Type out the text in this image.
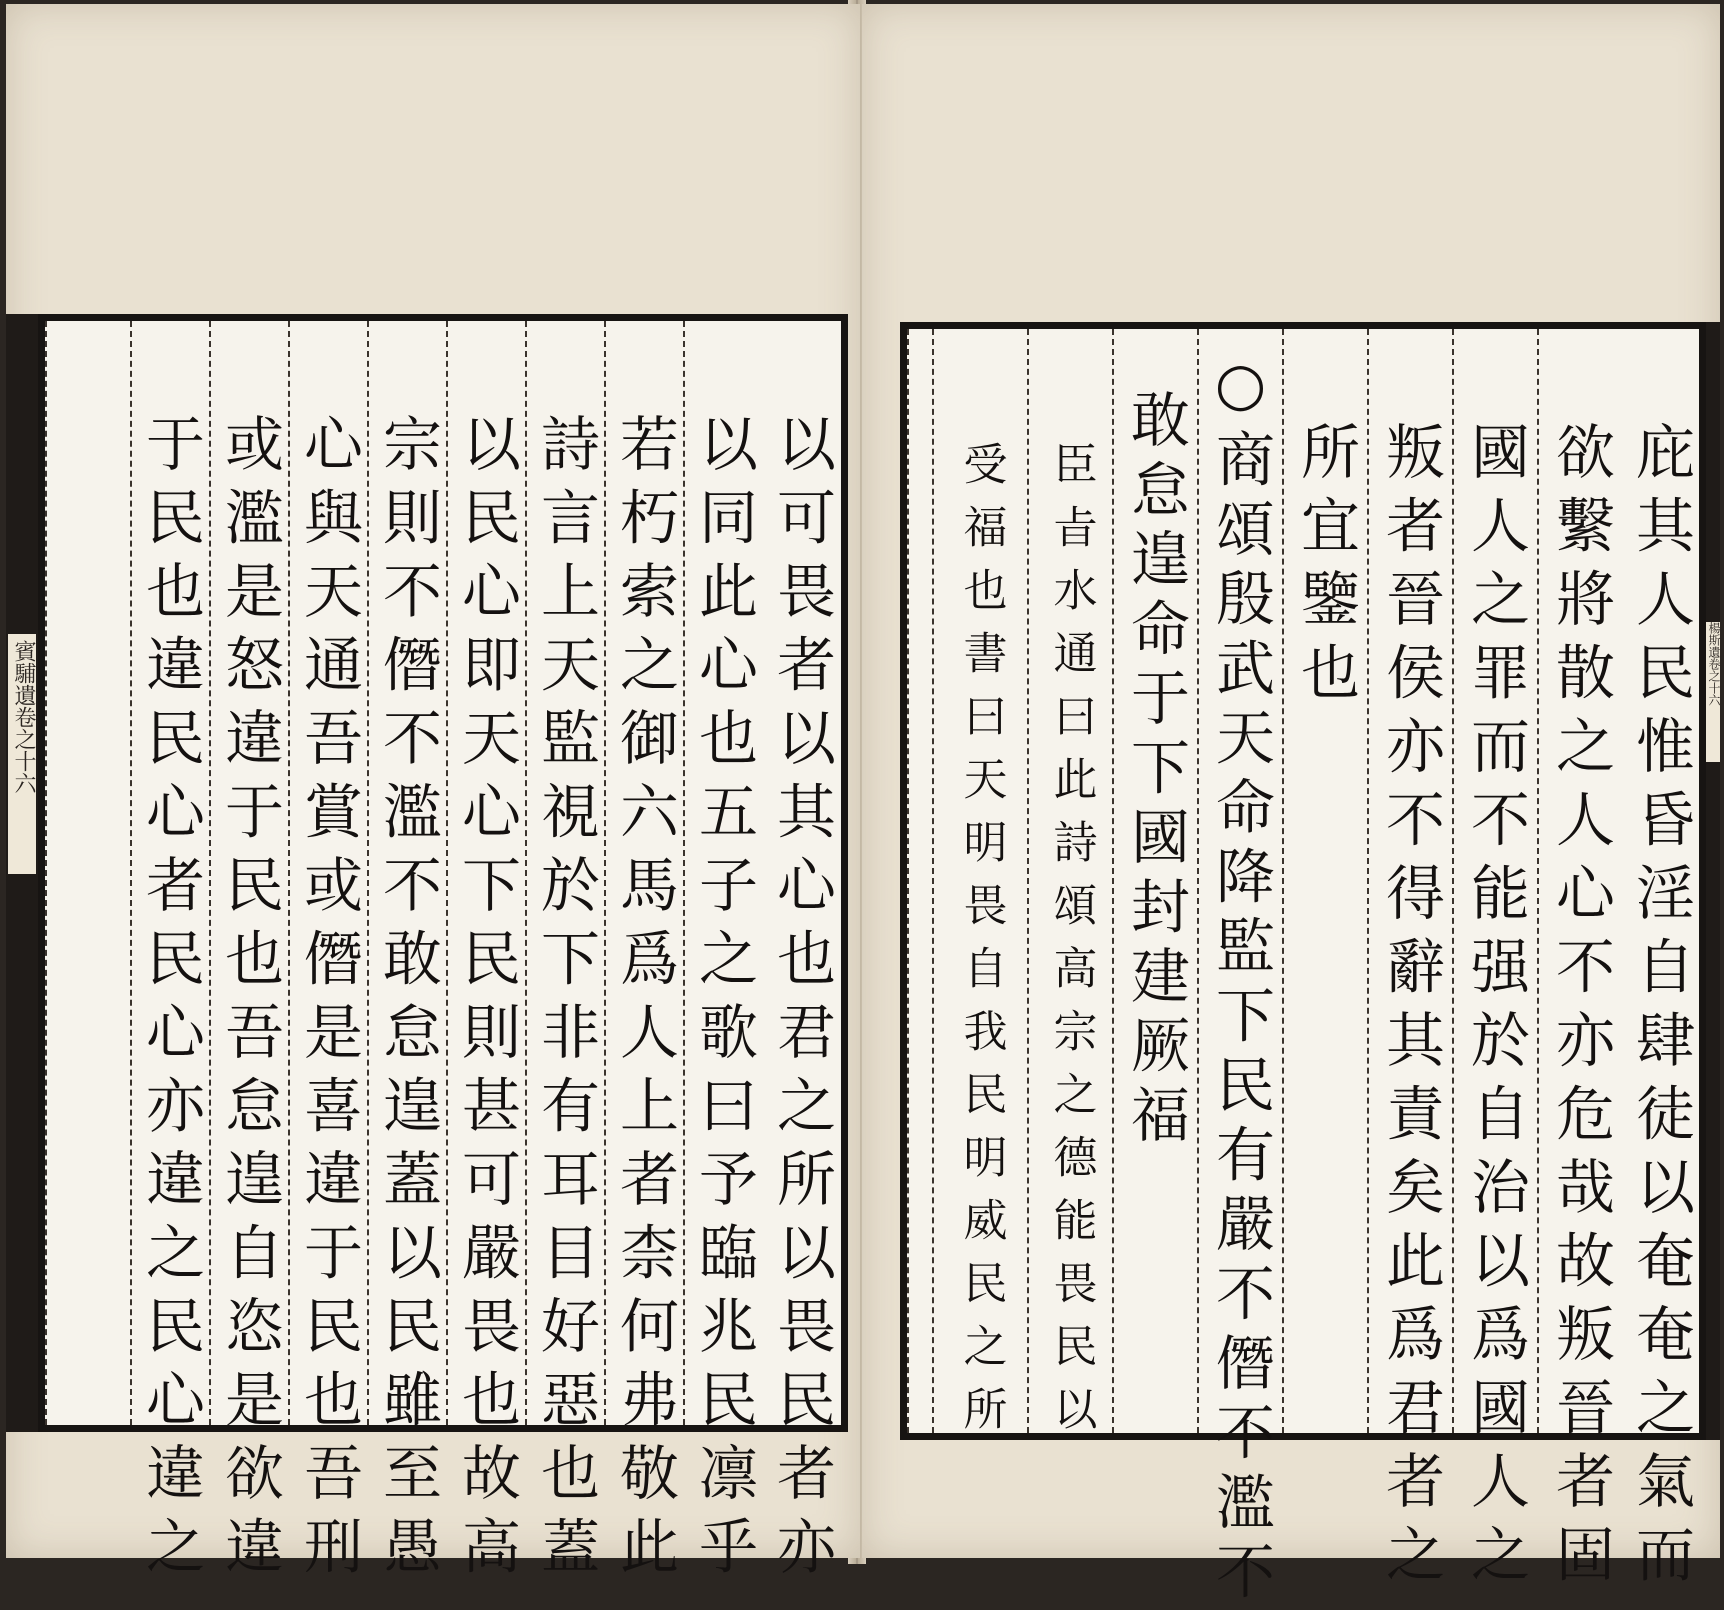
賓䮒遺卷之十六	以可畏者以其心也君之所以畏民者亦
以同此心也五子之歌曰予臨兆民凛乎
若朽索之御六馬爲人上者柰何弗敬此
詩言上天監視於下非有耳目好惡也蓋
以民心即天心下民則甚可嚴畏也故高
宗則不僭不濫不敢怠遑蓋以民雖至愚
心與天通吾賞或僭是喜違于民也吾刑
或濫是怒違于民也吾怠遑自恣是欲違
于民也違民心者民心亦違之民心違之	楊斯遺卷之十六
庇其人民惟昏淫自肆徒以奄奄之氣而
欲繫將散之人心不亦危哉故叛晉者固
國人之罪而不能强於自治以爲國人之
叛者晉侯亦不得辭其責矣此爲君者之
所宜鑒也
○商頌殷武天命降監下民有嚴不僭不濫不
敢怠遑命于下國封建厥福
臣㫖水通曰此詩頌高宗之德能畏民以
受福也書曰天明畏自我民明威民之所
